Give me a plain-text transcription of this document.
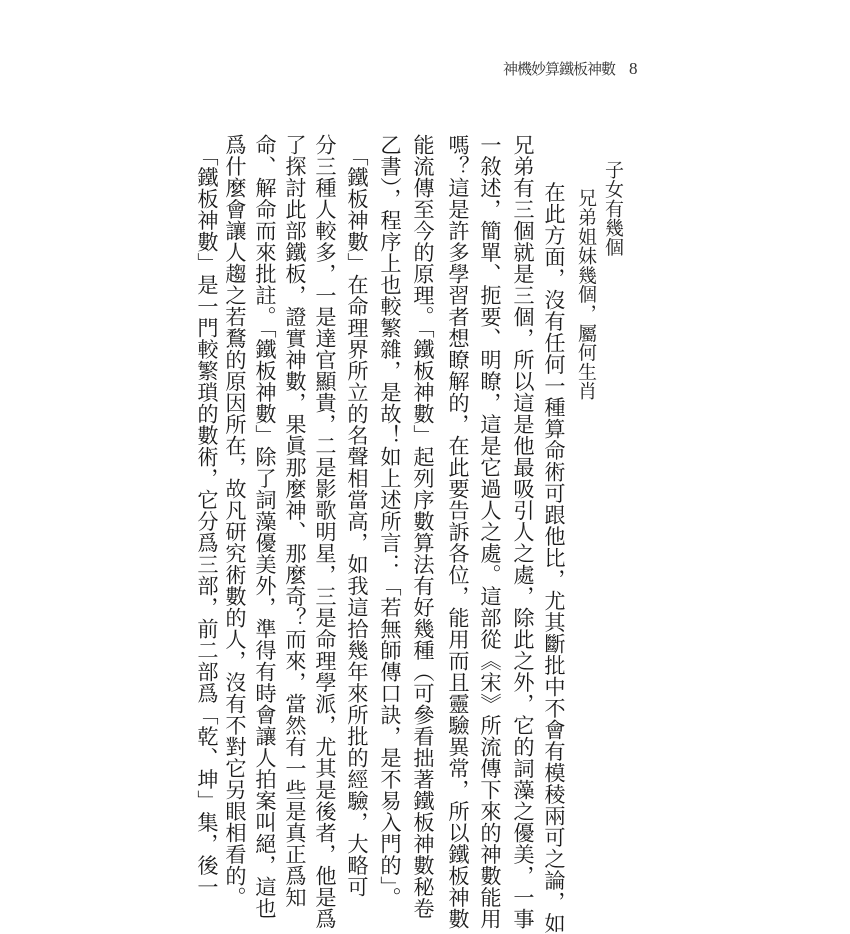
神機妙算鐵板神數 8
子女有幾個
兄弟姐妹幾個，屬何生肖
　在此方面，沒有任何一種算命術可跟他比，尤其斷批中不會有模稜兩可之論，如
兄弟有三個就是三個，所以這是他最吸引人之處，除此之外，它的詞藻之優美，一事
一敘述，簡單、扼要、明瞭，這是它過人之處。這部從《宋》所流傳下來的神數能用
嗎？這是許多學習者想瞭解的，在此要告訴各位，能用而且靈驗異常，所以鐵板神數
能流傳至今的原理。「鐵板神數」起列序數算法有好幾種（可參看拙著鐵板神數秘卷
乙書），程序上也較繁雜，是故！如上述所言：「若無師傳口訣，是不易入門的」。
　「鐵板神數」在命理界所立的名聲相當高，如我這拾幾年來所批的經驗，大略可
分三種人較多，一是達官顯貴，二是影歌明星，三是命理學派，尤其是後者，他是爲
了探討此部鐵板，證實神數，果眞那麼神、那麼奇？而來，當然有一些是真正爲知
命、解命而來批註。「鐵板神數」除了詞藻優美外，準得有時會讓人拍案叫絕，這也
爲什麼會讓人趨之若鶩的原因所在，故凡研究術數的人，沒有不對它另眼相看的。
　「鐵板神數」是一門較繁瑣的數術，它分爲三部，前二部爲「乾、坤」集，後一
